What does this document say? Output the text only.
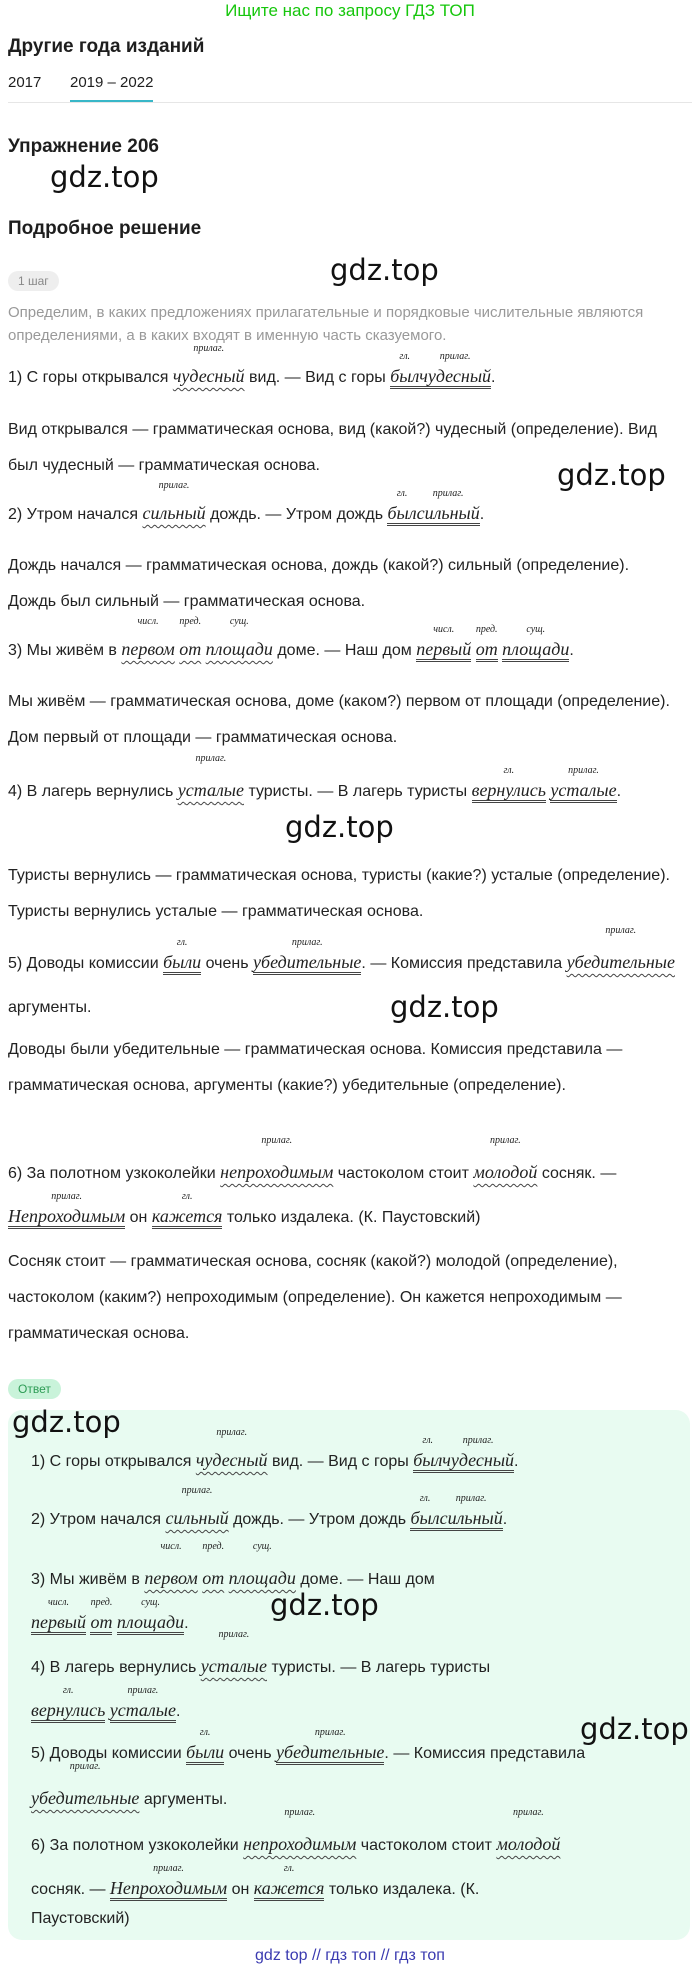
Ищите нас по запросу ГДЗ ТОП
Другие года изданий
2017 2019 – 2022
Упражнение 206
gdz.top
Подробное решение
gdz.top
1 шаг
Определим, в каких предложениях прилагательные и порядковые числительные являются определениями, а в каких входят в именную часть сказуемого.
1) С горы открывался
прилаг.
чудесный вид. — Вид с горы
гл.
был
прилаг.
чудесный.
Вид открывался — грамматическая основа, вид (какой?) чудесный (определение). Вид был чудесный — грамматическая основа.	gdz.top
2) Утром начался
прилаг.
сильный дождь. — Утром дождь
гл.
был
прилаг.
сильный.
Дождь начался — грамматическая основа, дождь (какой?) сильный (определение). Дождь был сильный — грамматическая основа.
3) Мы живём в
числ.
первом
пред.
от
сущ.
площади доме. — Наш дом
числ.
первый
пред.
от
сущ.
площади.
Мы живём — грамматическая основа, доме (каком?) первом от площади (определение). Дом первый от площади — грамматическая основа.
4) В лагерь вернулись
прилаг.
усталые туристы. — В лагерь туристы
гл.
вернулись
прилаг.
усталые.
gdz.top
Туристы вернулись — грамматическая основа, туристы (какие?) усталые (определение). Туристы вернулись усталые — грамматическая основа.
5) Доводы комиссии
гл.
были очень
прилаг.
убедительные. — Комиссия представила
прилаг.
убедительные аргументы.	gdz.top
Доводы были убедительные — грамматическая основа. Комиссия представила — грамматическая основа, аргументы (какие?) убедительные (определение).
6) За полотном узкоколейки
прилаг.
непроходимым частоколом стоит
прилаг.
молодой сосняк. —
прилаг.
Непроходимым он
гл.
кажется только издалека. (К. Паустовский)
Сосняк стоит — грамматическая основа, сосняк (какой?) молодой (определение), частоколом (каким?) непроходимым (определение). Он кажется непроходимым — грамматическая основа.
Ответ
gdz.top
1) С горы открывался
прилаг.
чудесный вид. — Вид с горы
гл.
был
прилаг.
чудесный.
2) Утром начался
прилаг.
сильный дождь. — Утром дождь
гл.
был
прилаг.
сильный.
3) Мы живём в
числ.
первом
пред.
от
сущ.
площади доме. — Наш дом

числ.
первый
пред.
от
сущ.
площади.
gdz.top
4) В лагерь вернулись
прилаг.
усталые туристы. — В лагерь туристы

гл.
вернулись
прилаг.
усталые.
gdz.top
5) Доводы комиссии
гл.
были очень
прилаг.
убедительные. — Комиссия представила
прилаг.
убедительные аргументы.
6) За полотном узкоколейки
прилаг.
непроходимым частоколом стоит
прилаг.
молодой
сосняк. —
прилаг.
Непроходимым он
гл.
кажется только издалека. (К.
Паустовский)
gdz top // гдз топ // гдз топ
